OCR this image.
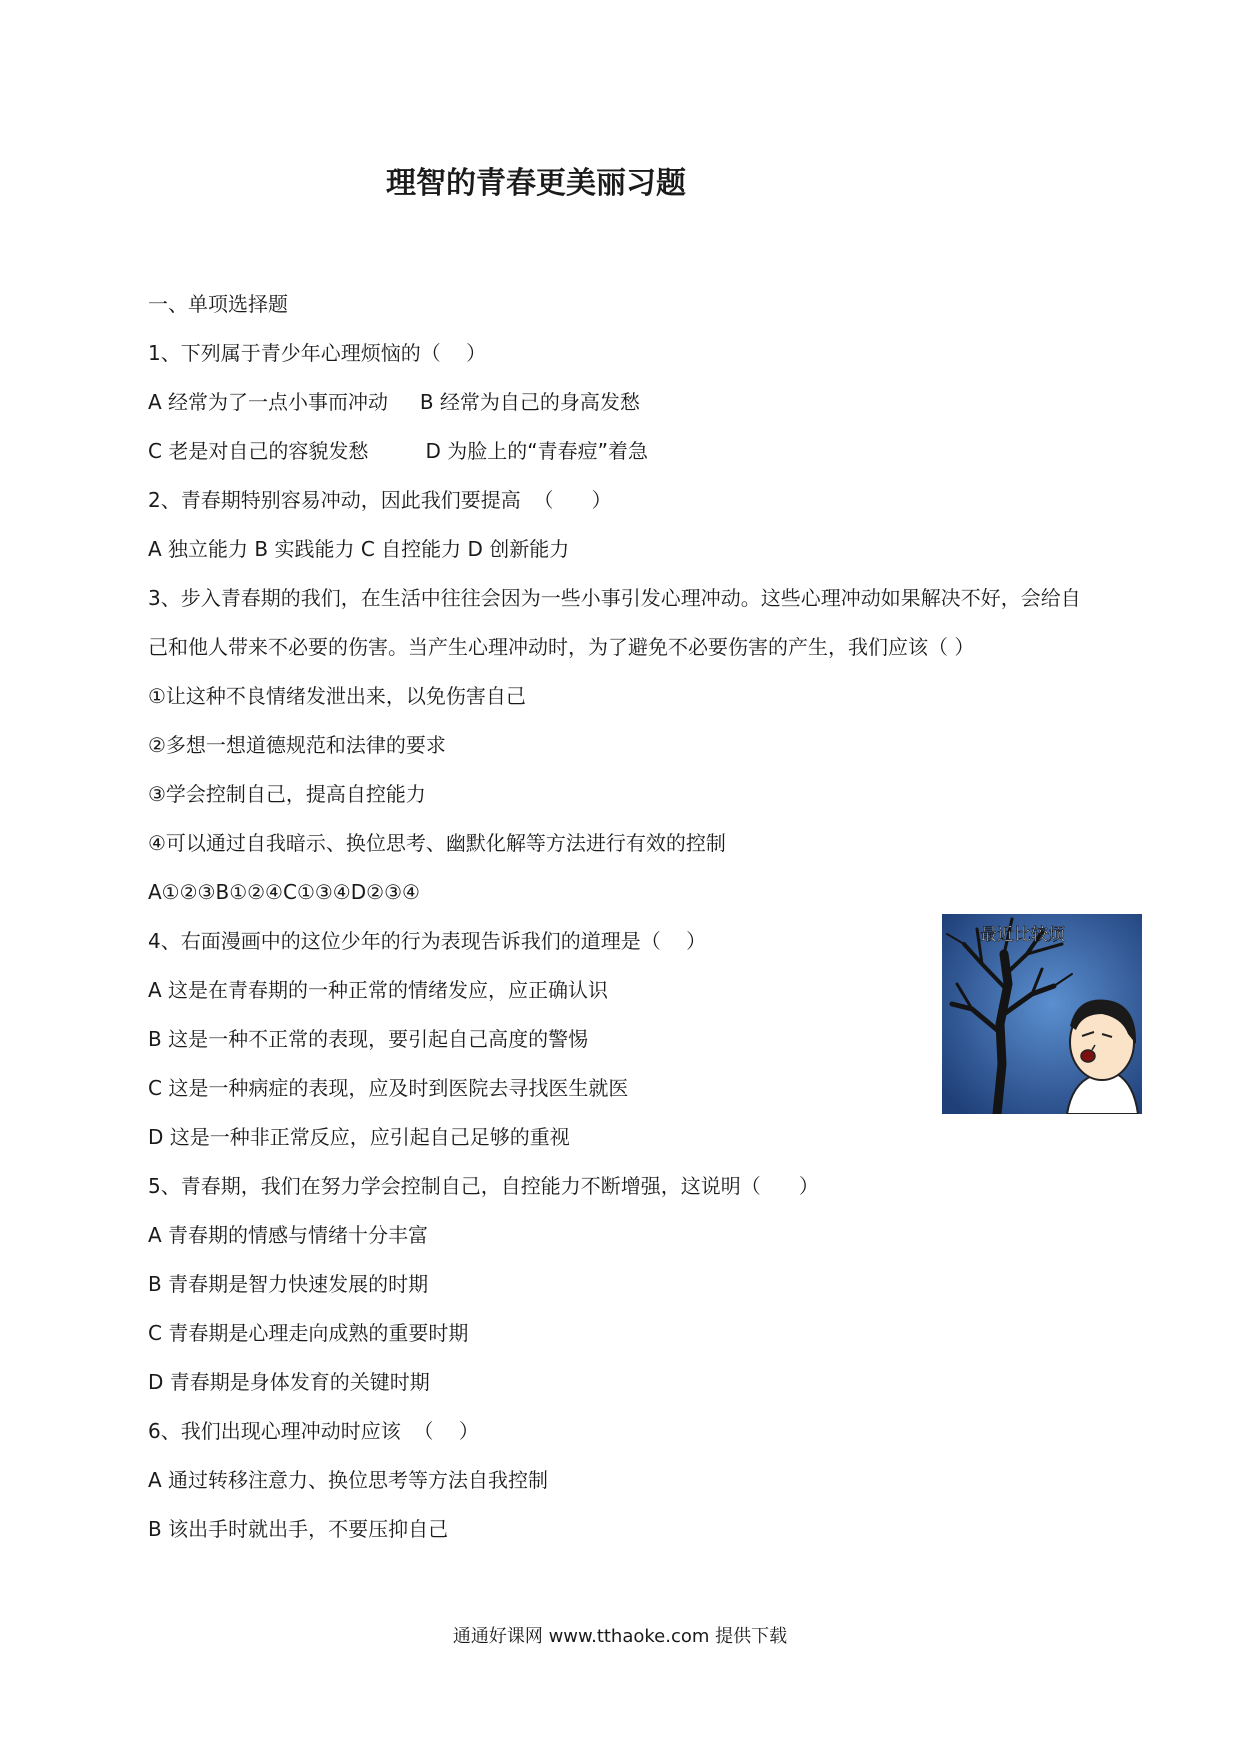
理智的青春更美丽习题
一、单项选择题
1、下列属于青少年心理烦恼的（    ）
A 经常为了一点小事而冲动     B 经常为自己的身高发愁
C 老是对自己的容貌发愁         D 为脸上的“青春痘”着急
2、青春期特别容易冲动，因此我们要提高  （      ）
A 独立能力 B 实践能力 C 自控能力 D 创新能力
3、步入青春期的我们，在生活中往往会因为一些小事引发心理冲动。这些心理冲动如果解决不好，会给自己和他人带来不必要的伤害。当产生心理冲动时，为了避免不必要伤害的产生，我们应该（ ）
①让这种不良情绪发泄出来，以免伤害自己
②多想一想道德规范和法律的要求
③学会控制自己，提高自控能力
④可以通过自我暗示、换位思考、幽默化解等方法进行有效的控制
A①②③B①②④C①③④D②③④
4、右面漫画中的这位少年的行为表现告诉我们的道理是（    ）
A 这是在青春期的一种正常的情绪发应，应正确认识
B 这是一种不正常的表现，要引起自己高度的警惕
C 这是一种病症的表现，应及时到医院去寻找医生就医
D 这是一种非正常反应，应引起自己足够的重视
5、青春期，我们在努力学会控制自己，自控能力不断增强，这说明（      ）
A 青春期的情感与情绪十分丰富
B 青春期是智力快速发展的时期
C 青春期是心理走向成熟的重要时期
D 青春期是身体发育的关键时期
6、我们出现心理冲动时应该  （    ）
A 通过转移注意力、换位思考等方法自我控制
B 该出手时就出手，不要压抑自己
最近比较烦
通通好课网 www.tthaoke.com 提供下载
